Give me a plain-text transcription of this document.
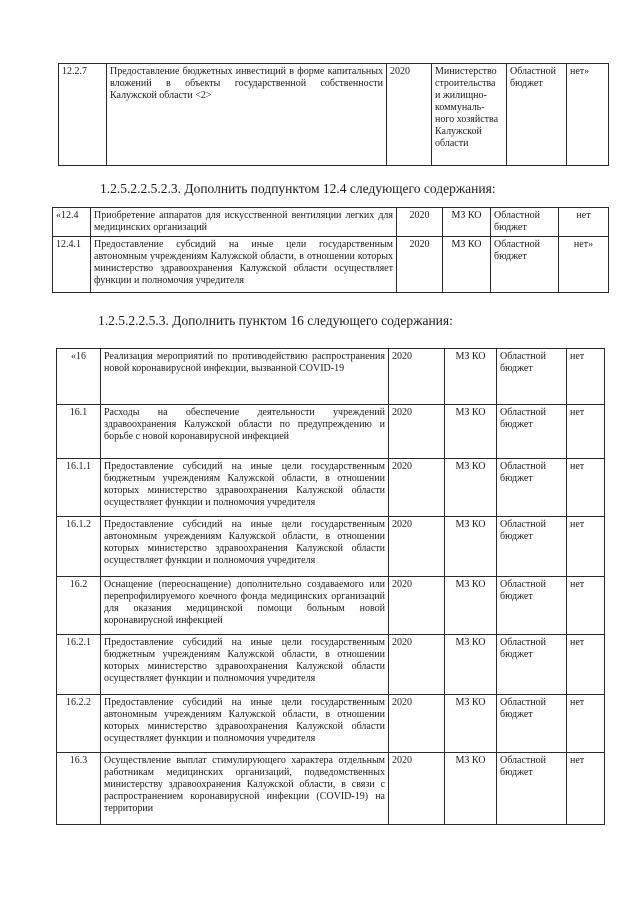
12.2.7	Предоставление бюджетных инвестиций в форме капитальных вложений в объекты государственной собственности Калужской области <2>	2020	Министерство строительства и жилищно-коммуналь-ного хозяйства Калужской области	Областной бюджет	нет»
1.2.5.2.2.5.2.3. Дополнить подпунктом 12.4 следующего содержания:
«12.4	Приобретение аппаратов для искусственной вентиляции легких для медицинских организаций	2020	МЗ КО	Областной бюджет	нет
12.4.1	Предоставление субсидий на иные цели государственным автономным учреждениям Калужской области, в отношении которых министерство здравоохранения Калужской области осуществляет функции и полномочия учредителя	2020	МЗ КО	Областной бюджет	нет»
1.2.5.2.2.5.3. Дополнить пунктом 16 следующего содержания:
«16	Реализация мероприятий по противодействию распространения новой коронавирусной инфекции, вызванной COVID-19	2020	МЗ КО	Областной бюджет	нет
16.1	Расходы на обеспечение деятельности учреждений здравоохранения Калужской области по предупреждению и борьбе с новой коронавирусной инфекцией	2020	МЗ КО	Областной бюджет	нет
16.1.1	Предоставление субсидий на иные цели государственным бюджетным учреждениям Калужской области, в отношении которых министерство здравоохранения Калужской области осуществляет функции и полномочия учредителя	2020	МЗ КО	Областной бюджет	нет
16.1.2	Предоставление субсидий на иные цели государственным автономным учреждениям Калужской области, в отношении которых министерство здравоохранения Калужской области осуществляет функции и полномочия учредителя	2020	МЗ КО	Областной бюджет	нет
16.2	Оснащение (переоснащение) дополнительно создаваемого или перепрофилируемого коечного фонда медицинских организаций для оказания медицинской помощи больным новой коронавирусной инфекцией	2020	МЗ КО	Областной бюджет	нет
16.2.1	Предоставление субсидий на иные цели государственным бюджетным учреждениям Калужской области, в отношении которых министерство здравоохранения Калужской области осуществляет функции и полномочия учредителя	2020	МЗ КО	Областной бюджет	нет
16.2.2	Предоставление субсидий на иные цели государственным автономным учреждениям Калужской области, в отношении которых министерство здравоохранения Калужской области осуществляет функции и полномочия учредителя	2020	МЗ КО	Областной бюджет	нет
16.3	Осуществление выплат стимулирующего характера отдельным работникам медицинских организаций, подведомственных министерству здравоохранения Калужской области, в связи с распространением коронавирусной инфекции (COVID-19) на территории	2020	МЗ КО	Областной бюджет	нет
